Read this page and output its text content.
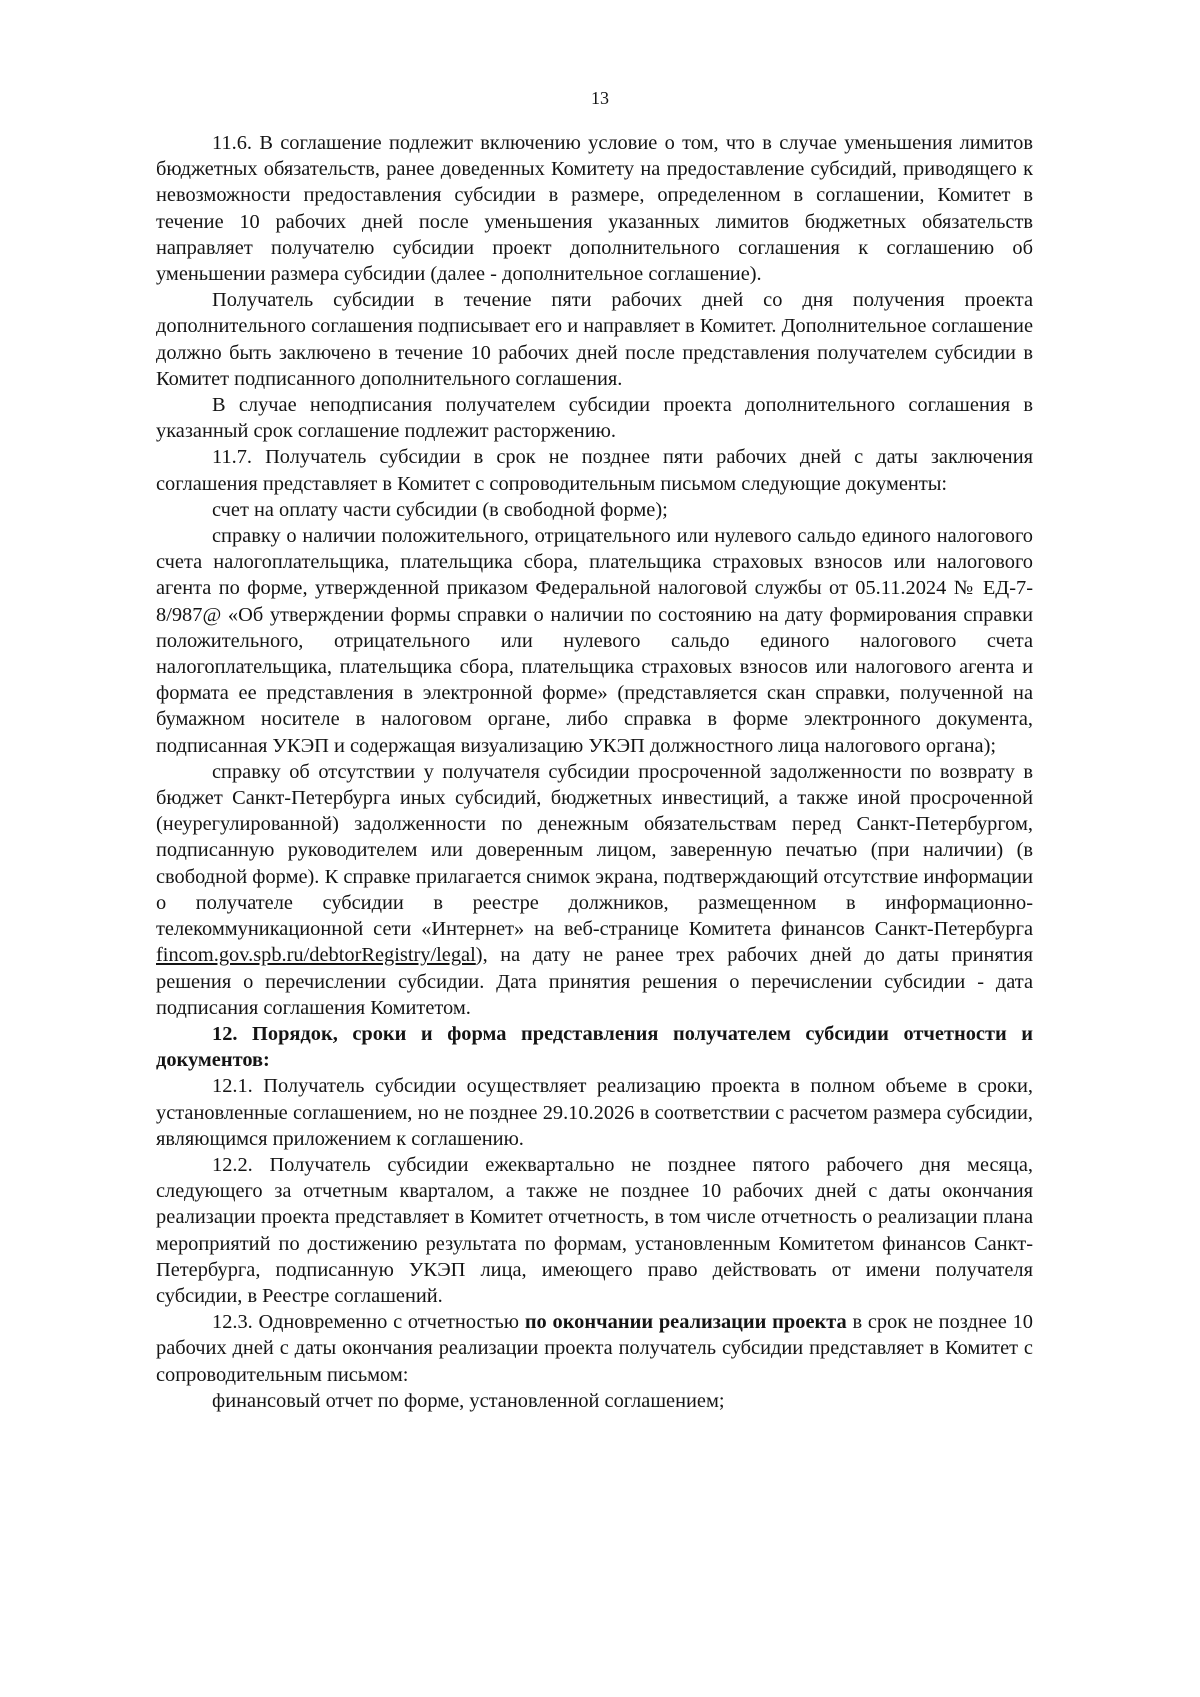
13

11.6. В соглашение подлежит включению условие о том, что в случае уменьшения лимитов бюджетных обязательств, ранее доведенных Комитету на предоставление субсидий, приводящего к невозможности предоставления субсидии в размере, определенном в соглашении, Комитет в течение 10 рабочих дней после уменьшения указанных лимитов бюджетных обязательств направляет получателю субсидии проект дополнительного соглашения к соглашению об уменьшении размера субсидии (далее - дополнительное соглашение).

Получатель субсидии в течение пяти рабочих дней со дня получения проекта дополнительного соглашения подписывает его и направляет в Комитет. Дополнительное соглашение должно быть заключено в течение 10 рабочих дней после представления получателем субсидии в Комитет подписанного дополнительного соглашения.

В случае неподписания получателем субсидии проекта дополнительного соглашения в указанный срок соглашение подлежит расторжению.

11.7. Получатель субсидии в срок не позднее пяти рабочих дней с даты заключения соглашения представляет в Комитет с сопроводительным письмом следующие документы:

счет на оплату части субсидии (в свободной форме);

справку о наличии положительного, отрицательного или нулевого сальдо единого налогового счета налогоплательщика, плательщика сбора, плательщика страховых взносов или налогового агента по форме, утвержденной приказом Федеральной налоговой службы от 05.11.2024 № ЕД-7-8/987@ «Об утверждении формы справки о наличии по состоянию на дату формирования справки положительного, отрицательного или нулевого сальдо единого налогового счета налогоплательщика, плательщика сбора, плательщика страховых взносов или налогового агента и формата ее представления в электронной форме» (представляется скан справки, полученной на бумажном носителе в налоговом органе, либо справка в форме электронного документа, подписанная УКЭП и содержащая визуализацию УКЭП должностного лица налогового органа);

справку об отсутствии у получателя субсидии просроченной задолженности по возврату в бюджет Санкт-Петербурга иных субсидий, бюджетных инвестиций, а также иной просроченной (неурегулированной) задолженности по денежным обязательствам перед Санкт-Петербургом, подписанную руководителем или доверенным лицом, заверенную печатью (при наличии) (в свободной форме). К справке прилагается снимок экрана, подтверждающий отсутствие информации о получателе субсидии в реестре должников, размещенном в информационно-телекоммуникационной сети «Интернет» на веб-странице Комитета финансов Санкт-Петербурга fincom.gov.spb.ru/debtorRegistry/legal), на дату не ранее трех рабочих дней до даты принятия решения о перечислении субсидии. Дата принятия решения о перечислении субсидии - дата подписания соглашения Комитетом.

12. Порядок, сроки и форма представления получателем субсидии отчетности и документов:

12.1. Получатель субсидии осуществляет реализацию проекта в полном объеме в сроки, установленные соглашением, но не позднее 29.10.2026 в соответствии с расчетом размера субсидии, являющимся приложением к соглашению.

12.2. Получатель субсидии ежеквартально не позднее пятого рабочего дня месяца, следующего за отчетным кварталом, а также не позднее 10 рабочих дней с даты окончания реализации проекта представляет в Комитет отчетность, в том числе отчетность о реализации плана мероприятий по достижению результата по формам, установленным Комитетом финансов Санкт-Петербурга, подписанную УКЭП лица, имеющего право действовать от имени получателя субсидии, в Реестре соглашений.

12.3. Одновременно с отчетностью по окончании реализации проекта в срок не позднее 10 рабочих дней с даты окончания реализации проекта получатель субсидии представляет в Комитет с сопроводительным письмом:

финансовый отчет по форме, установленной соглашением;
